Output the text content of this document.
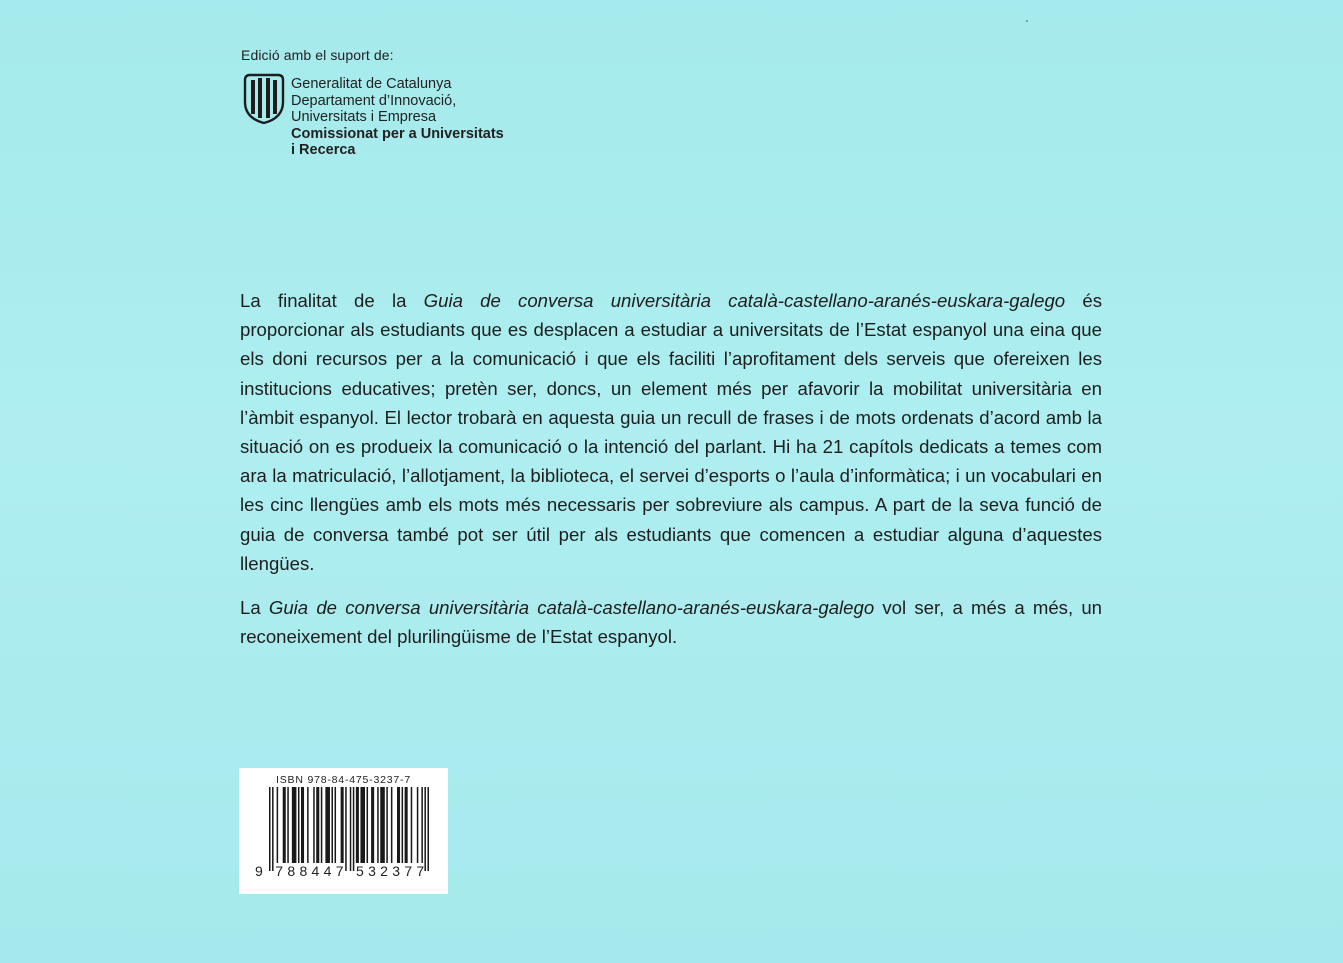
Edició amb el suport de:
Generalitat de Catalunya
Departament d’Innovació,
Universitats i Empresa
Comissionat per a Universitats
i Recerca

La finalitat de la Guia de conversa universitària català-castellano-aranés-euskara-galego és proporcionar als estudiants que es desplacen a estudiar a universitats de l’Estat espanyol una eina que els doni recursos per a la comunicació i que els faciliti l’aprofitament dels serveis que ofereixen les institucions educatives; pretèn ser, doncs, un element més per afavorir la mobilitat universitària en l’àmbit espanyol. El lector trobarà en aquesta guia un recull de frases i de mots ordenats d’acord amb la situació on es produeix la comunicació o la intenció del parlant. Hi ha 21 capítols dedicats a temes com ara la matriculació, l’allotjament, la biblioteca, el servei d’esports o l’aula d’informàtica; i un vocabulari en les cinc llengües amb els mots més necessaris per sobreviure als campus. A part de la seva funció de guia de conversa també pot ser útil per als estudiants que comencen a estudiar alguna d’aquestes llengües.

La Guia de conversa universitària català-castellano-aranés-euskara-galego vol ser, a més a més, un reconeixement del plurilingüisme de l’Estat espanyol.

ISBN 978-84-475-3237-7
9 788447 532377
